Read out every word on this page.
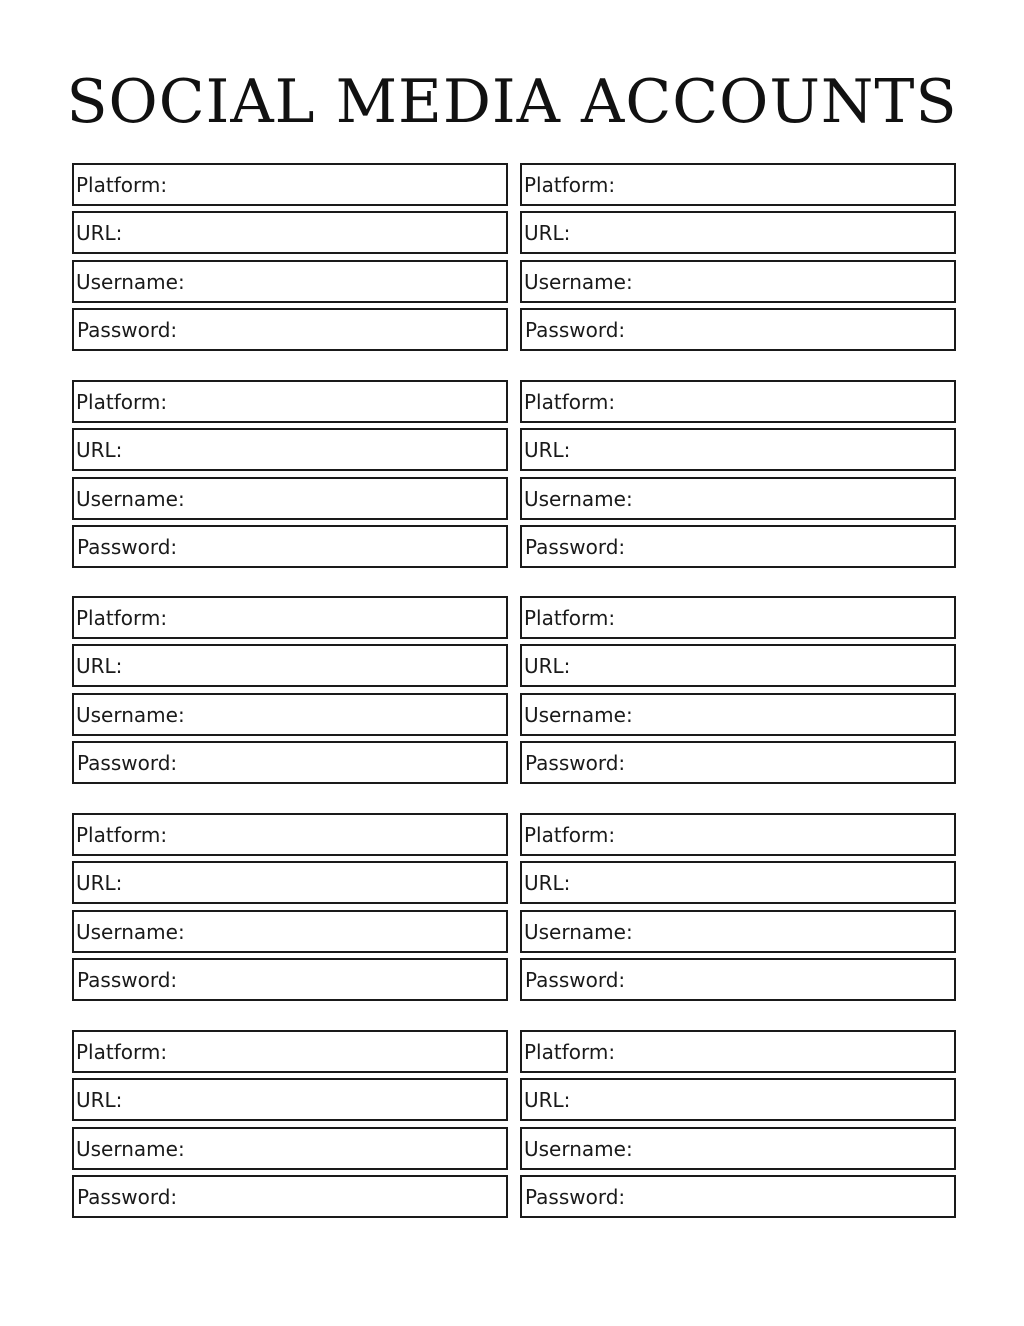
SOCIAL MEDIA ACCOUNTS
Platform:
URL:
Username:
Password:
Platform:
URL:
Username:
Password:
Platform:
URL:
Username:
Password:
Platform:
URL:
Username:
Password:
Platform:
URL:
Username:
Password:
Platform:
URL:
Username:
Password:
Platform:
URL:
Username:
Password:
Platform:
URL:
Username:
Password:
Platform:
URL:
Username:
Password:
Platform:
URL:
Username:
Password:
